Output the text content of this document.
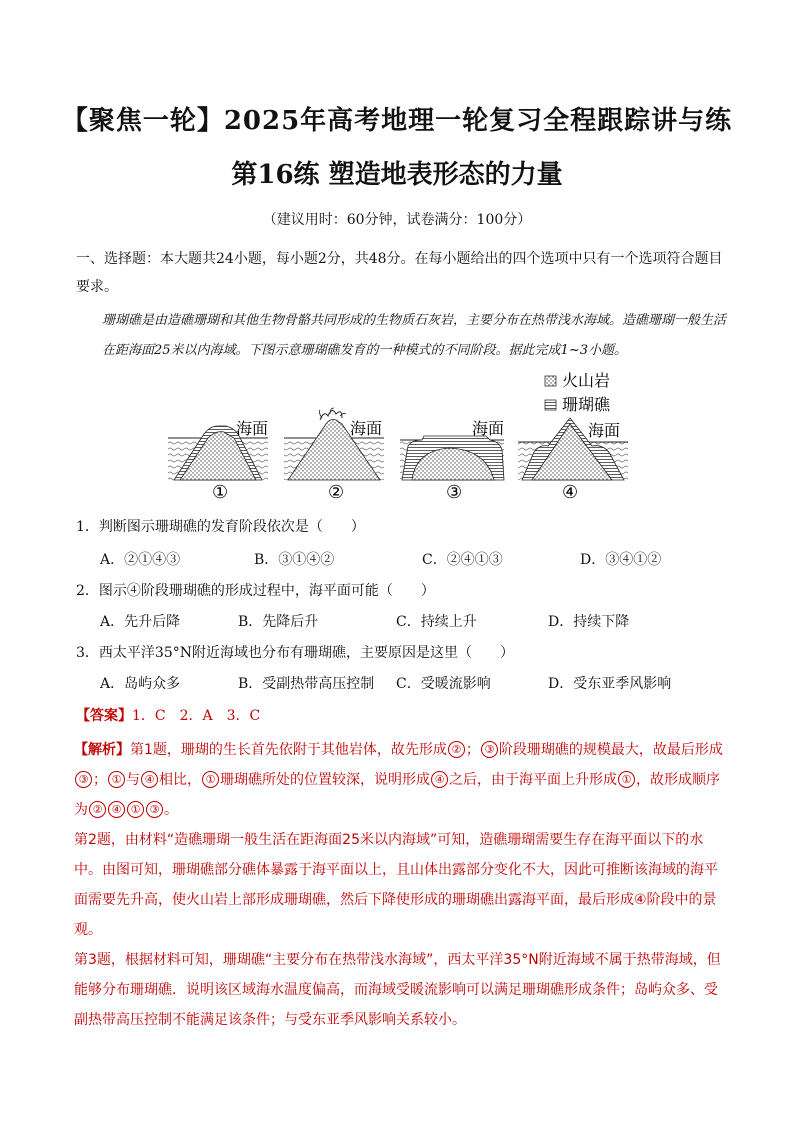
【聚焦一轮】2025年高考地理一轮复习全程跟踪讲与练
第16练 塑造地表形态的力量
（建议用时：60分钟，试卷满分：100分）
一、选择题：本大题共24小题，每小题2分，共48分。在每小题给出的四个选项中只有一个选项符合题目要求。
珊瑚礁是由造礁珊瑚和其他生物骨骼共同形成的生物质石灰岩，主要分布在热带浅水海域。造礁珊瑚一般生活在距海面25米以内海域。下图示意珊瑚礁发育的一种模式的不同阶段。据此完成1~3小题。
火山岩
珊瑚礁
海面
①
海面
②
海面
③
海面
④
1．判断图示珊瑚礁的发育阶段依次是（　　）
A．②①④③	B．③①④②	C．②④①③	D．③④①②
2．图示④阶段珊瑚礁的形成过程中，海平面可能（　　）
A．先升后降	B．先降后升	C．持续上升	D．持续下降
3．西太平洋35°N附近海域也分布有珊瑚礁，主要原因是这里（　　）
A．岛屿众多	B．受副热带高压控制 C．受暖流影响	D．受东亚季风影响
【答案】1．C　2．A　3．C

【解析】第1题，珊瑚的生长首先依附于其他岩体，故先形成 ② ； ③ 阶段珊瑚礁的规模最大，故最后形成③ ； ① 与 ④ 相比， ① 珊瑚礁所处的位置较深，说明形成 ④ 之后，由于海平面上升形成 ① ，故形成顺序为 ② ④ ① ③ 。

第2题，由材料“造礁珊瑚一般生活在距海面25米以内海域”可知，造礁珊瑚需要生存在海平面以下的水中。由图可知，珊瑚礁部分礁体暴露于海平面以上，且山体出露部分变化不大，因此可推断该海域的海平面需要先升高，使火山岩上部形成珊瑚礁，然后下降使形成的珊瑚礁出露海平面，最后形成④阶段中的景观。

第3题，根据材料可知，珊瑚礁“主要分布在热带浅水海域”，西太平洋35°N附近海域不属于热带海域，但能够分布珊瑚礁．说明该区域海水温度偏高，而海域受暖流影响可以满足珊瑚礁形成条件；岛屿众多、受副热带高压控制不能满足该条件；与受东亚季风影响关系较小。
